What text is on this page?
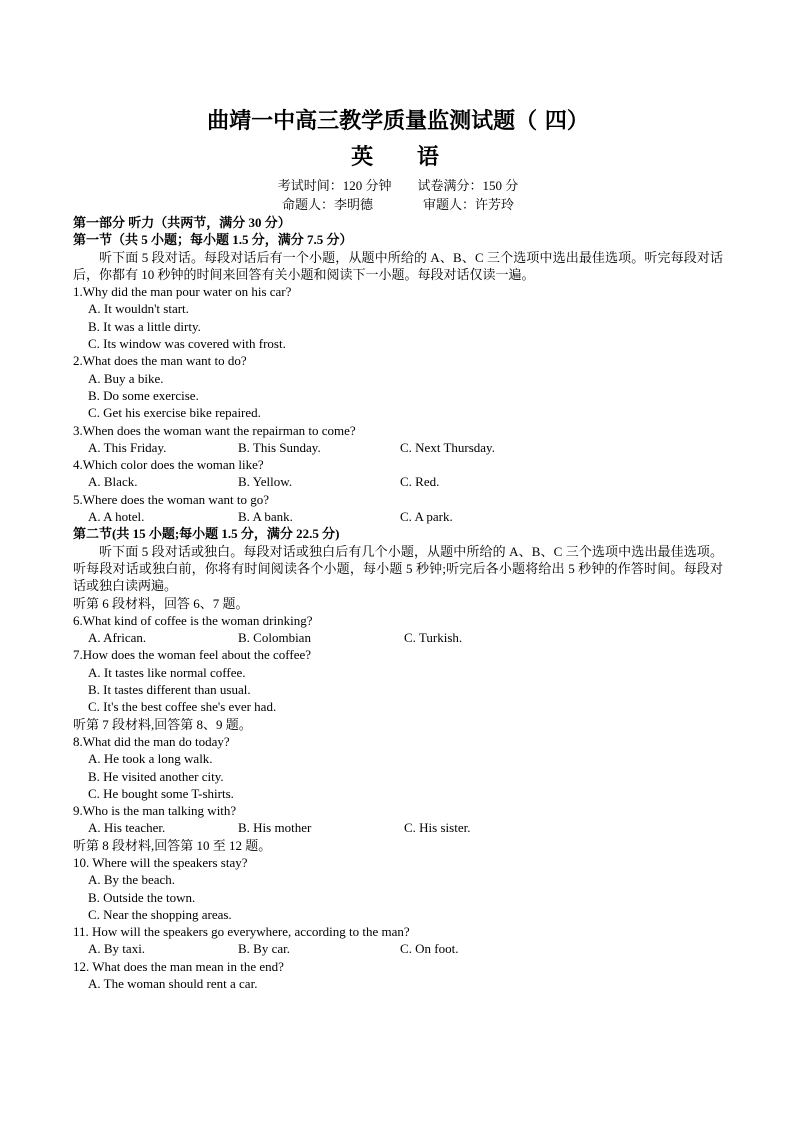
曲靖一中高三教学质量监测试题（ 四）
英 语
考试时间：120 分钟 试卷满分：150 分
命题人：李明德	审题人：许芳玲
第一部分 听力（共两节，满分 30 分）
第一节（共 5 小题；每小题 1.5 分，满分 7.5 分）
听下面 5 段对话。每段对话后有一个小题，从题中所给的 A、B、C 三个选项中选出最佳选项。听完每段对话后，你都有 10 秒钟的时间来回答有关小题和阅读下一小题。每段对话仅读一遍。
1.Why did the man pour water on his car?
A. It wouldn't start.
B. It was a little dirty.
C. Its window was covered with frost.
2.What does the man want to do?
A. Buy a bike.
B. Do some exercise.
C. Get his exercise bike repaired.
3.When does the woman want the repairman to come?
A. This Friday.	B. This Sunday.	C. Next Thursday.
4.Which color does the woman like?
A. Black.	B. Yellow.	C. Red.
5.Where does the woman want to go?
A. A hotel.	B. A bank.	C. A park.
第二节(共 15 小题;每小题 1.5 分，满分 22.5 分)
听下面 5 段对话或独白。每段对话或独白后有几个小题，从题中所给的 A、B、C 三个选项中选出最佳选项。听每段对话或独白前，你将有时间阅读各个小题，每小题 5 秒钟;听完后各小题将给出 5 秒钟的作答时间。每段对话或独白读两遍。
听第 6 段材料，回答 6、7 题。
6.What kind of coffee is the woman drinking?
A. African.	B. Colombian	C. Turkish.
7.How does the woman feel about the coffee?
A. It tastes like normal coffee.
B. It tastes different than usual.
C. It's the best coffee she's ever had.
听第 7 段材料,回答第 8、9 题。
8.What did the man do today?
A. He took a long walk.
B. He visited another city.
C. He bought some T-shirts.
9.Who is the man talking with?
A. His teacher.	B. His mother	C. His sister.
听第 8 段材料,回答第 10 至 12 题。
10. Where will the speakers stay?
A. By the beach.
B. Outside the town.
C. Near the shopping areas.
11. How will the speakers go everywhere, according to the man?
A. By taxi.	B. By car.	C. On foot.
12. What does the man mean in the end?
A. The woman should rent a car.
